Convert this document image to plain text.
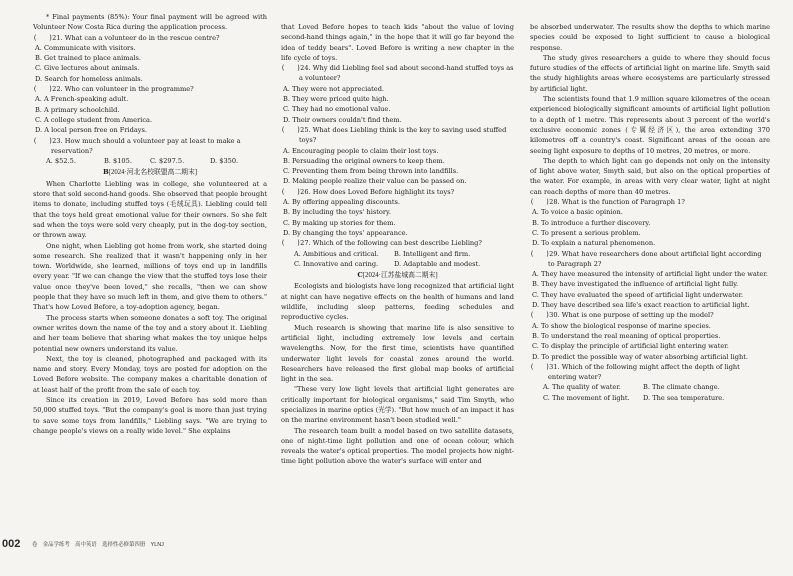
* Final payments (85%): Your final payment will be agreed with Volunteer Now Costa Rica during the application process.

(　　)21. What can a volunteer do in the rescue centre?

A. Communicate with visitors.

B. Get trained to place animals.

C. Give lectures about animals.

D. Search for homeless animals.

(　　)22. Who can volunteer in the programme?

A. A French-speaking adult.

B. A primary schoolchild.

C. A college student from America.

D. A local person free on Fridays.

(　　)23. How much should a volunteer pay at least to make a reservation?

A. $52.5.	B. $105.	C. $297.5.	D. $350.

B[2024·河北名校联盟高二期末]

When Charlotte Liebling was in college, she volunteered at a store that sold second-hand goods. She observed that people brought items to donate, including stuffed toys (毛绒玩具). Liebling could tell that the toys held great emotional value for their owners. So she felt sad when the toys were sold very cheaply, put in the dog-toy section, or thrown away.

One night, when Liebling got home from work, she started doing some research. She realized that it wasn't happening only in her town. Worldwide, she learned, millions of toys end up in landfills every year. "If we can change the view that the stuffed toys lose their value once they've been loved," she recalls, "then we can show people that they have so much left in them, and give them to others." That's how Loved Before, a toy-adoption agency, began.

The process starts when someone donates a soft toy. The original owner writes down the name of the toy and a story about it. Liebling and her team believe that sharing what makes the toy unique helps potential new owners understand its value.

Next, the toy is cleaned, photographed and packaged with its name and story. Every Monday, toys are posted for adoption on the Loved Before website. The company makes a charitable donation of at least half of the profit from the sale of each toy.

Since its creation in 2019, Loved Before has sold more than 50,000 stuffed toys. "But the company's goal is more than just trying to save some toys from landfills," Liebling says. "We are trying to change people's views on a really wide level." She explains

that Loved Before hopes to teach kids "about the value of loving second-hand things again," in the hope that it will go far beyond the idea of teddy bears". Loved Before is writing a new chapter in the life cycle of toys.

(　　)24. Why did Liebling feel sad about second-hand stuffed toys as a volunteer?

A. They were not appreciated.

B. They were priced quite high.

C. They had no emotional value.

D. Their owners couldn't find them.

(　　)25. What does Liebling think is the key to saving used stuffed toys?

A. Encouraging people to claim their lost toys.

B. Persuading the original owners to keep them.

C. Preventing them from being thrown into landfills.

D. Making people realize their value can be passed on.

(　　)26. How does Loved Before highlight its toys?

A. By offering appealing discounts.

B. By including the toys' history.

C. By making up stories for them.

D. By changing the toys' appearance.

(　　)27. Which of the following can best describe Liebling?

A. Ambitious and critical.	B. Intelligent and firm.

C. Innovative and caring.	D. Adaptable and modest.

C[2024·江苏盐城高二期末]

Ecologists and biologists have long recognized that artificial light at night can have negative effects on the health of humans and land wildlife, including sleep patterns, feeding schedules and reproductive cycles.

Much research is showing that marine life is also sensitive to artificial light, including extremely low levels and certain wavelengths. Now, for the first time, scientists have quantified underwater light levels for coastal zones around the world. Researchers have released the first global map books of artificial light in the sea.

"These very low light levels that artificial light generates are critically important for biological organisms," said Tim Smyth, who specializes in marine optics (光学). "But how much of an impact it has on the marine environment hasn't been studied well."

The research team built a model based on two satellite datasets, one of night-time light pollution and one of ocean colour, which reveals the water's optical properties. The model projects how night-time light pollution above the water's surface will enter and

be absorbed underwater. The results show the depths to which marine species could be exposed to light sufficient to cause a biological response.

The study gives researchers a guide to where they should focus future studies of the effects of artificial light on marine life. Smyth said the study highlights areas where ecosystems are particularly stressed by artificial light.

The scientists found that 1.9 million square kilometres of the ocean experienced biologically significant amounts of artificial light pollution to a depth of 1 metre. This represents about 3 percent of the world's exclusive economic zones (专属经济区), the area extending 370 kilometres off a country's coast. Significant areas of the ocean are seeing light exposure to depths of 10 metres, 20 metres, or more.

The depth to which light can go depends not only on the intensity of light above water, Smyth said, but also on the optical properties of the water. For example, in areas with very clear water, light at night can reach depths of more than 40 metres.

(　　)28. What is the function of Paragraph 1?

A. To voice a basic opinion.

B. To introduce a further discovery.

C. To present a serious problem.

D. To explain a natural phenomenon.

(　　)29. What have researchers done about artificial light according to Paragraph 2?

A. They have measured the intensity of artificial light under the water.

B. They have investigated the influence of artificial light fully.

C. They have evaluated the speed of artificial light underwater.

D. They have described sea life's exact reaction to artificial light.

(　　)30. What is one purpose of setting up the model?

A. To show the biological response of marine species.

B. To understand the real meaning of optical properties.

C. To display the principle of artificial light entering water.

D. To predict the possible way of water absorbing artificial light.

(　　)31. Which of the following might affect the depth of light entering water?

A. The quality of water.	B. The climate change.

C. The movement of light.	D. The sea temperature.

002 卷　金品学练考　高中英语　选择性必修第四册　YLNJ
